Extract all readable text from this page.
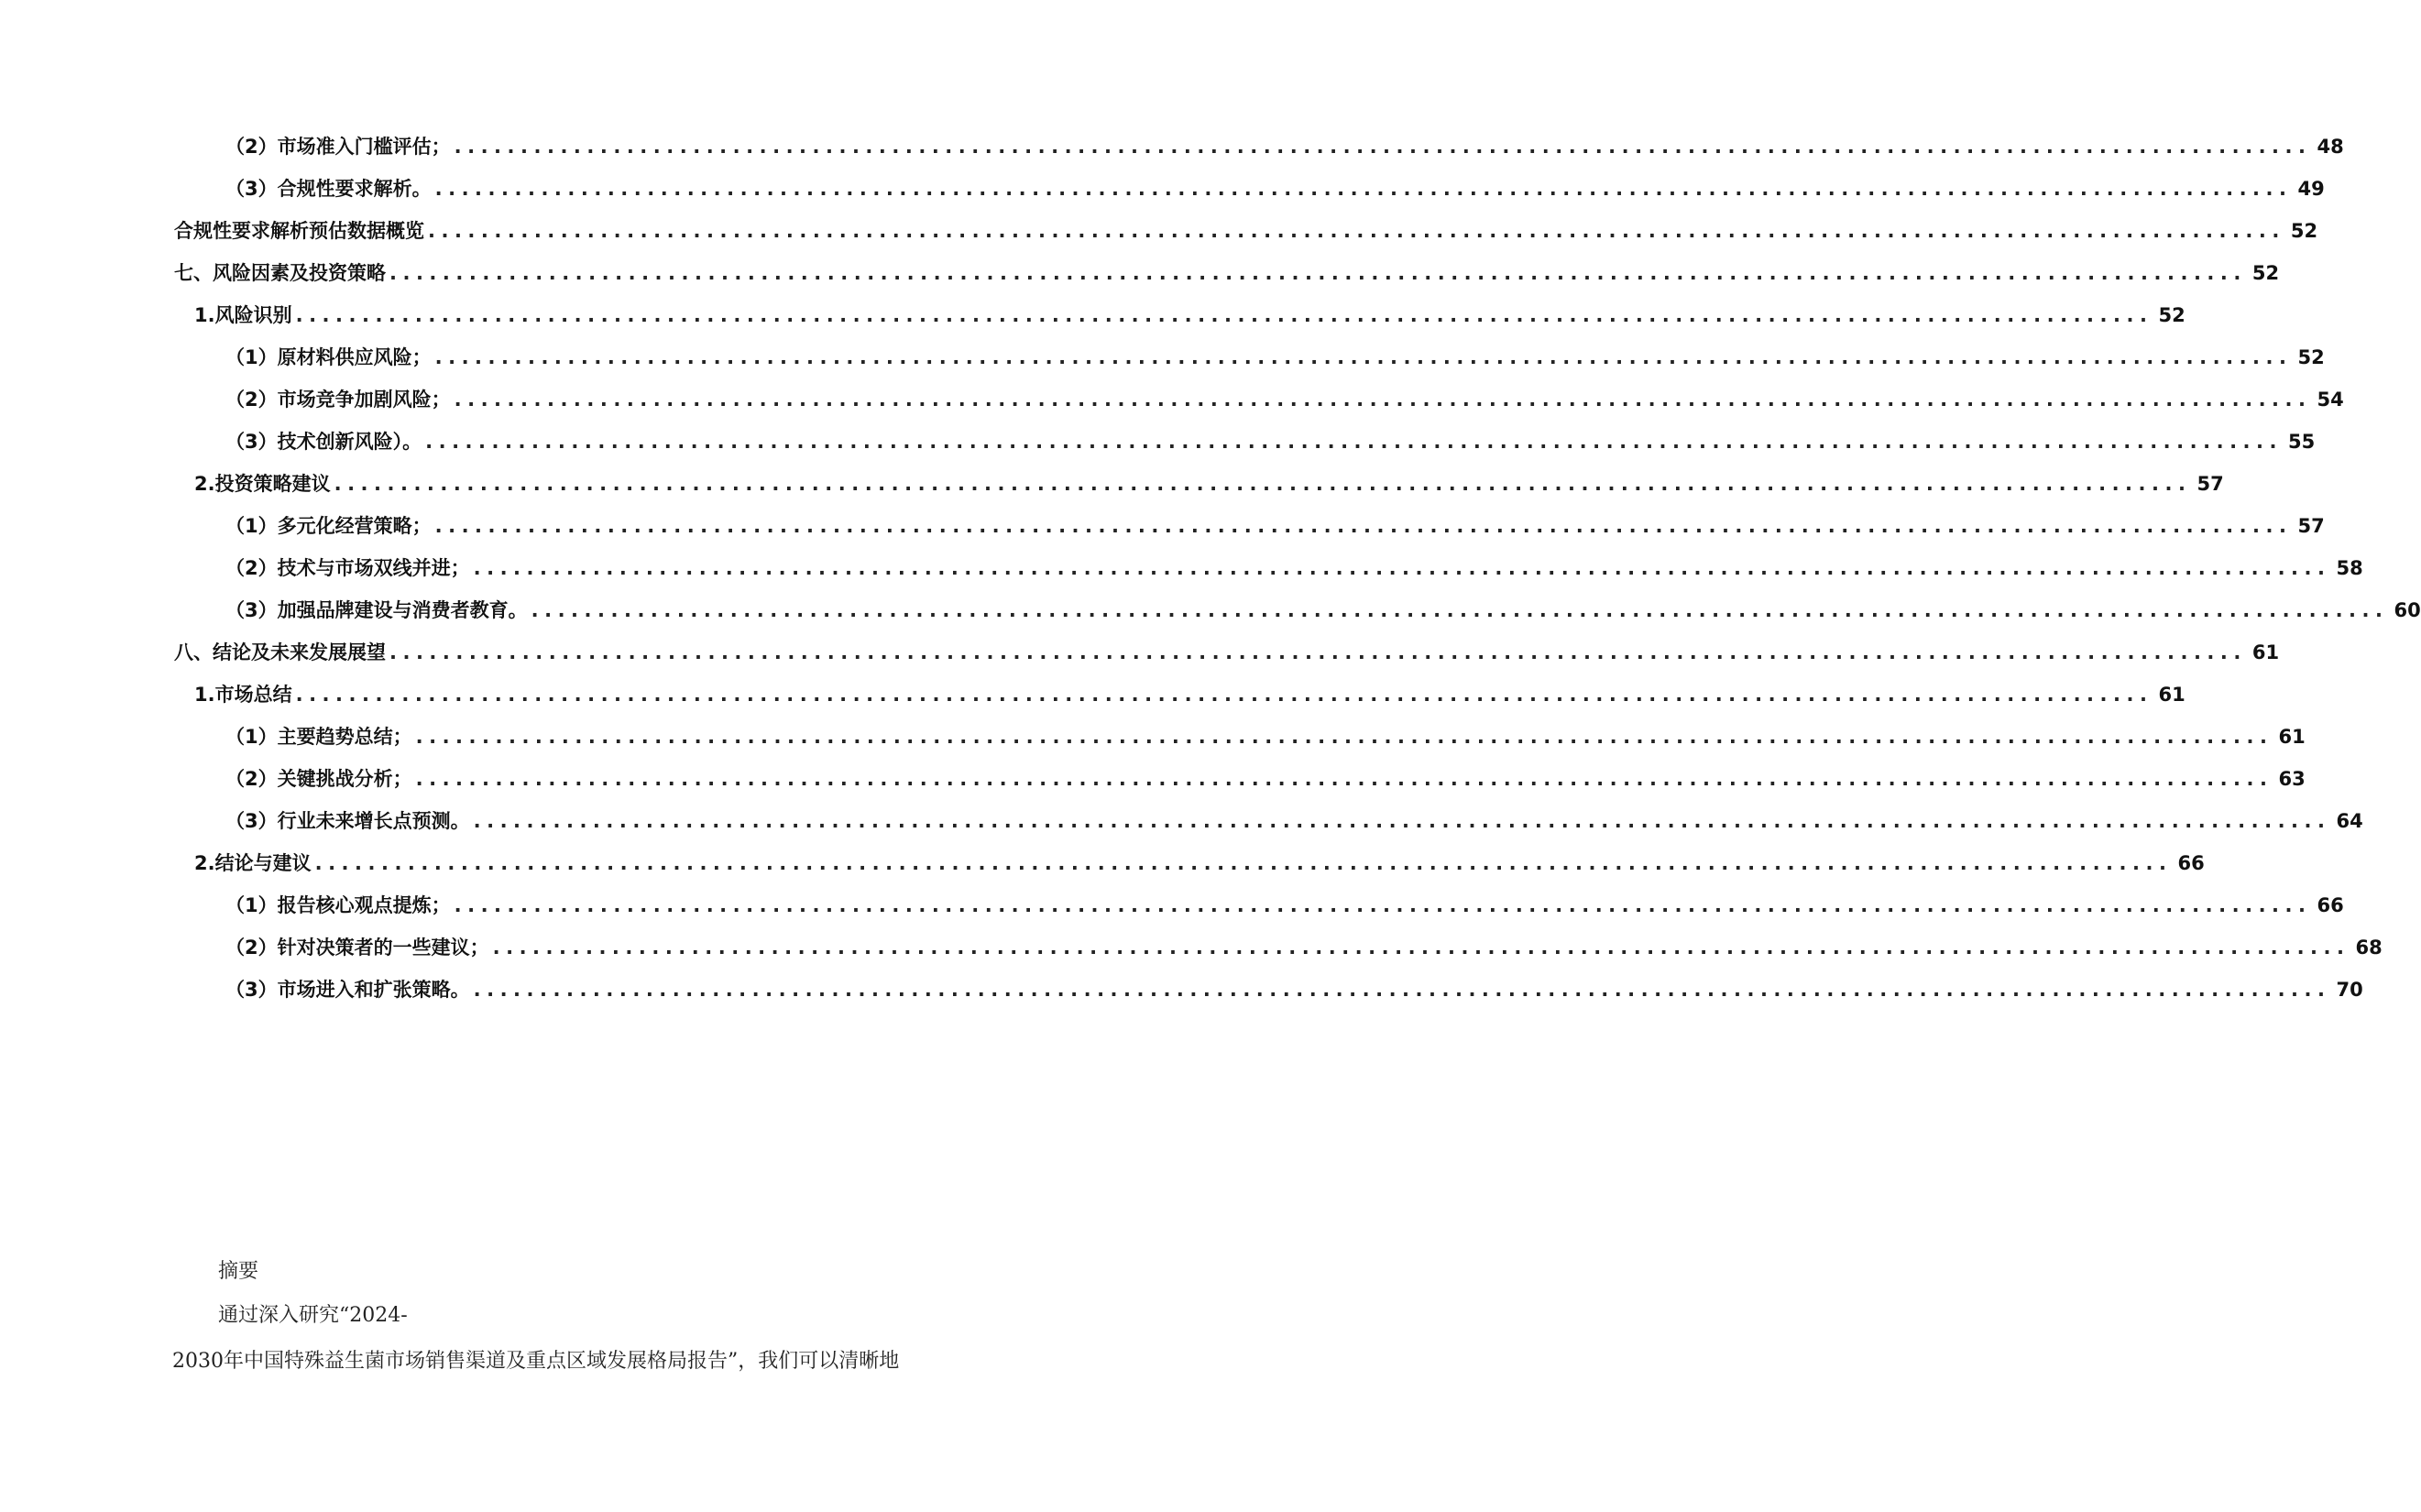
（2）市场准入门槛评估； ............................................................................................................................................ 48
（3）合规性要求解析。 ............................................................................................................................................ 49
合规性要求解析预估数据概览 ............................................................................................................................................ 52
七、风险因素及投资策略 ............................................................................................................................................ 52
1. 风险识别 ............................................................................................................................................ 52
（1）原材料供应风险； ............................................................................................................................................ 52
（2）市场竞争加剧风险； ............................................................................................................................................ 54
（3）技术创新风险）。 ............................................................................................................................................ 55
2. 投资策略建议 ............................................................................................................................................ 57
（1）多元化经营策略； ............................................................................................................................................ 57
（2）技术与市场双线并进； ............................................................................................................................................ 58
（3）加强品牌建设与消费者教育。 ............................................................................................................................................ 60
八、结论及未来发展展望 ............................................................................................................................................ 61
1. 市场总结 ............................................................................................................................................ 61
（1）主要趋势总结； ............................................................................................................................................ 61
（2）关键挑战分析； ............................................................................................................................................ 63
（3）行业未来增长点预测。 ............................................................................................................................................ 64
2. 结论与建议 ............................................................................................................................................ 66
（1）报告核心观点提炼； ............................................................................................................................................ 66
（2）针对决策者的一些建议； ............................................................................................................................................ 68
（3）市场进入和扩张策略。 ............................................................................................................................................ 70
摘要
通过深入研究“2024-
2030年中国特殊益生菌市场销售渠道及重点区域发展格局报告”，我们可以清晰地
